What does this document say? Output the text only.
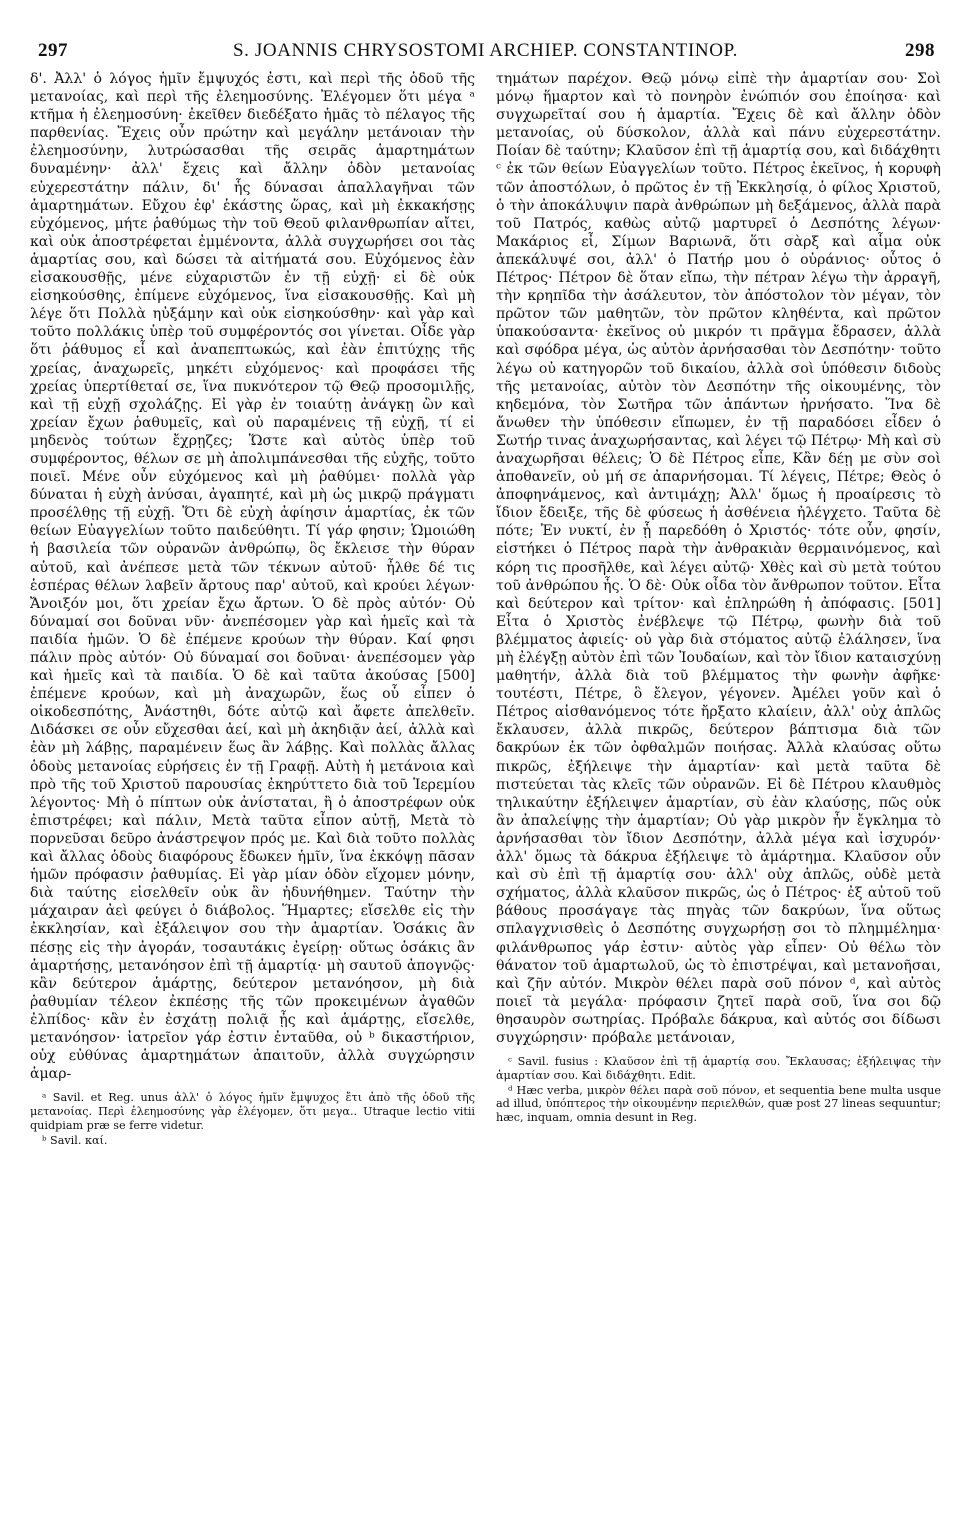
297	S. JOANNIS CHRYSOSTOMI ARCHIEP. CONSTANTINOP.	298

δ'. Ἀλλ' ὁ λόγος ἡμῖν ἔμψυχός ἐστι, καὶ περὶ τῆς ὁδοῦ τῆς μετανοίας, καὶ περὶ τῆς ἐλεημοσύνης. Ἐλέγομεν ὅτι μέγα ᵃ κτῆμα ἡ ἐλεημοσύνη· ἐκεῖθεν διεδέξατο ἡμᾶς τὸ πέλαγος τῆς παρθενίας. Ἔχεις οὖν πρώτην καὶ μεγάλην μετάνοιαν τὴν ἐλεημοσύνην, λυτρώσασθαι τῆς σειρᾶς ἁμαρτημάτων δυναμένην· ἀλλ' ἔχεις καὶ ἄλλην ὁδὸν μετανοίας εὐχερεστάτην πάλιν, δι' ἧς δύνασαι ἀπαλλαγῆναι τῶν ἁμαρτημάτων. Εὔχου ἐφ' ἑκάστης ὥρας, καὶ μὴ ἐκκακήσῃς εὐχόμενος, μήτε ῥαθύμως τὴν τοῦ Θεοῦ φιλανθρωπίαν αἴτει, καὶ οὐκ ἀποστρέφεται ἐμμένοντα, ἀλλὰ συγχωρήσει σοι τὰς ἁμαρτίας σου, καὶ δώσει τὰ αἰτήματά σου. Εὐχόμενος ἐὰν εἰσακουσθῇς, μένε εὐχαριστῶν ἐν τῇ εὐχῇ· εἰ δὲ οὐκ εἰσηκούσθης, ἐπίμενε εὐχόμενος, ἵνα εἰσακουσθῇς. Καὶ μὴ λέγε ὅτι Πολλὰ ηὐξάμην καὶ οὐκ εἰσηκούσθην· καὶ γὰρ καὶ τοῦτο πολλάκις ὑπὲρ τοῦ συμφέροντός σοι γίνεται. Οἶδε γὰρ ὅτι ῥάθυμος εἶ καὶ ἀναπεπτωκώς, καὶ ἐὰν ἐπιτύχῃς τῆς χρείας, ἀναχωρεῖς, μηκέτι εὐχόμενος· καὶ προφάσει τῆς χρείας ὑπερτίθεταί σε, ἵνα πυκνότερον τῷ Θεῷ προσομιλῇς, καὶ τῇ εὐχῇ σχολάζῃς. Εἰ γὰρ ἐν τοιαύτῃ ἀνάγκῃ ὢν καὶ χρείαν ἔχων ῥαθυμεῖς, καὶ οὐ παραμένεις τῇ εὐχῇ, τί εἰ μηδενὸς τούτων ἔχρῃζες; Ὥστε καὶ αὐτὸς ὑπὲρ τοῦ συμφέροντος, θέλων σε μὴ ἀπολιμπάνεσθαι τῆς εὐχῆς, τοῦτο ποιεῖ. Μένε οὖν εὐχόμενος καὶ μὴ ῥαθύμει· πολλὰ γὰρ δύναται ἡ εὐχὴ ἀνύσαι, ἀγαπητέ, καὶ μὴ ὡς μικρῷ πράγματι προσέλθῃς τῇ εὐχῇ. Ὅτι δὲ εὐχὴ ἀφίησιν ἁμαρτίας, ἐκ τῶν θείων Εὐαγγελίων τοῦτο παιδεύθητι. Τί γάρ φησιν; Ὡμοιώθη ἡ βασιλεία τῶν οὐρανῶν ἀνθρώπῳ, ὃς ἔκλεισε τὴν θύραν αὐτοῦ, καὶ ἀνέπεσε μετὰ τῶν τέκνων αὐτοῦ· ἦλθε δέ τις ἑσπέρας θέλων λαβεῖν ἄρτους παρ' αὐτοῦ, καὶ κρούει λέγων· Ἄνοιξόν μοι, ὅτι χρείαν ἔχω ἄρτων. Ὁ δὲ πρὸς αὐτόν· Οὐ δύναμαί σοι δοῦναι νῦν· ἀνεπέσομεν γὰρ καὶ ἡμεῖς καὶ τὰ παιδία ἡμῶν. Ὁ δὲ ἐπέμενε κρούων τὴν θύραν. Καί φησι πάλιν πρὸς αὐτόν· Οὐ δύναμαί σοι δοῦναι· ἀνεπέσομεν γὰρ καὶ ἡμεῖς καὶ τὰ παιδία. Ὁ δὲ καὶ ταῦτα ἀκούσας [500] ἐπέμενε κρούων, καὶ μὴ ἀναχωρῶν, ἕως οὗ εἶπεν ὁ οἰκοδεσπότης, Ἀνάστηθι, δότε αὐτῷ καὶ ἄφετε ἀπελθεῖν. Διδάσκει σε οὖν εὔχεσθαι ἀεί, καὶ μὴ ἀκηδιᾷν ἀεί, ἀλλὰ καὶ ἐὰν μὴ λάβῃς, παραμένειν ἕως ἂν λάβῃς. Καὶ πολλὰς ἄλλας ὁδοὺς μετανοίας εὑρήσεις ἐν τῇ Γραφῇ. Αὐτὴ ἡ μετάνοια καὶ πρὸ τῆς τοῦ Χριστοῦ παρουσίας ἐκηρύττετο διὰ τοῦ Ἱερεμίου λέγοντος· Μὴ ὁ πίπτων οὐκ ἀνίσταται, ἢ ὁ ἀποστρέφων οὐκ ἐπιστρέφει; καὶ πάλιν, Μετὰ ταῦτα εἶπον αὐτῇ, Μετὰ τὸ πορνεῦσαι δεῦρο ἀνάστρεψον πρός με. Καὶ διὰ τοῦτο πολλὰς καὶ ἄλλας ὁδοὺς διαφόρους ἔδωκεν ἡμῖν, ἵνα ἐκκόψῃ πᾶσαν ἡμῶν πρόφασιν ῥαθυμίας. Εἰ γὰρ μίαν ὁδὸν εἴχομεν μόνην, διὰ ταύτης εἰσελθεῖν οὐκ ἂν ἠδυνήθημεν. Ταύτην τὴν μάχαιραν ἀεὶ φεύγει ὁ διάβολος. Ἥμαρτες; εἴσελθε εἰς τὴν ἐκκλησίαν, καὶ ἐξάλειψον σου τὴν ἁμαρτίαν. Ὁσάκις ἂν πέσῃς εἰς τὴν ἀγοράν, τοσαυτάκις ἐγείρῃ· οὕτως ὁσάκις ἂν ἁμαρτήσῃς, μετανόησον ἐπὶ τῇ ἁμαρτίᾳ· μὴ σαυτοῦ ἀπογνῷς· κἂν δεύτερον ἁμάρτῃς, δεύτερον μετανόησον, μὴ διὰ ῥαθυμίαν τέλεον ἐκπέσῃς τῆς τῶν προκειμένων ἀγαθῶν ἐλπίδος· κἂν ἐν ἐσχάτῃ πολιᾷ ᾖς καὶ ἁμάρτῃς, εἴσελθε, μετανόησον· ἰατρεῖον γάρ ἐστιν ἐνταῦθα, οὐ ᵇ δικαστήριον, οὐχ εὐθύνας ἁμαρτημάτων ἀπαιτοῦν, ἀλλὰ συγχώρησιν ἁμαρ-

ᵃ Savil. et Reg. unus ἀλλ' ὁ λόγος ἡμῖν ἔμψυχος ἔτι ἀπὸ τῆς ὁδοῦ τῆς μετανοίας. Περὶ ἐλεημοσύνης γὰρ ἐλέγομεν, ὅτι μεγα.. Utraque lectio vitii quidpiam præ se ferre videtur.

ᵇ Savil. καί.

τημάτων παρέχον. Θεῷ μόνῳ εἰπὲ τὴν ἁμαρτίαν σου· Σοὶ μόνῳ ἥμαρτον καὶ τὸ πονηρὸν ἐνώπιόν σου ἐποίησα· καὶ συγχωρεῖταί σου ἡ ἁμαρτία. Ἔχεις δὲ καὶ ἄλλην ὁδὸν μετανοίας, οὐ δύσκολον, ἀλλὰ καὶ πάνυ εὐχερεστάτην. Ποίαν δὲ ταύτην; Κλαῦσον ἐπὶ τῇ ἁμαρτίᾳ σου, καὶ διδάχθητι ᶜ ἐκ τῶν θείων Εὐαγγελίων τοῦτο. Πέτρος ἐκεῖνος, ἡ κορυφὴ τῶν ἀποστόλων, ὁ πρῶτος ἐν τῇ Ἐκκλησίᾳ, ὁ φίλος Χριστοῦ, ὁ τὴν ἀποκάλυψιν παρὰ ἀνθρώπων μὴ δεξάμενος, ἀλλὰ παρὰ τοῦ Πατρός, καθὼς αὐτῷ μαρτυρεῖ ὁ Δεσπότης λέγων· Μακάριος εἶ, Σίμων Βαριωνᾶ, ὅτι σὰρξ καὶ αἷμα οὐκ ἀπεκάλυψέ σοι, ἀλλ' ὁ Πατήρ μου ὁ οὐράνιος· οὗτος ὁ Πέτρος· Πέτρον δὲ ὅταν εἴπω, τὴν πέτραν λέγω τὴν ἀρραγῆ, τὴν κρηπῖδα τὴν ἀσάλευτον, τὸν ἀπόστολον τὸν μέγαν, τὸν πρῶτον τῶν μαθητῶν, τὸν πρῶτον κληθέντα, καὶ πρῶτον ὑπακούσαντα· ἐκεῖνος οὐ μικρόν τι πρᾶγμα ἔδρασεν, ἀλλὰ καὶ σφόδρα μέγα, ὡς αὐτὸν ἀρνήσασθαι τὸν Δεσπότην· τοῦτο λέγω οὐ κατηγορῶν τοῦ δικαίου, ἀλλὰ σοὶ ὑπόθεσιν διδοὺς τῆς μετανοίας, αὐτὸν τὸν Δεσπότην τῆς οἰκουμένης, τὸν κηδεμόνα, τὸν Σωτῆρα τῶν ἁπάντων ἠρνήσατο. Ἵνα δὲ ἄνωθεν τὴν ὑπόθεσιν εἴπωμεν, ἐν τῇ παραδόσει εἶδεν ὁ Σωτήρ τινας ἀναχωρήσαντας, καὶ λέγει τῷ Πέτρῳ· Μὴ καὶ σὺ ἀναχωρῆσαι θέλεις; Ὁ δὲ Πέτρος εἶπε, Κἂν δέῃ με σὺν σοὶ ἀποθανεῖν, οὐ μή σε ἀπαρνήσομαι. Τί λέγεις, Πέτρε; Θεὸς ὁ ἀποφηνάμενος, καὶ ἀντιμάχῃ; Ἀλλ' ὅμως ἡ προαίρεσις τὸ ἴδιον ἔδειξε, τῆς δὲ φύσεως ἡ ἀσθένεια ἠλέγχετο. Ταῦτα δὲ πότε; Ἐν νυκτί, ἐν ᾗ παρεδόθη ὁ Χριστός· τότε οὖν, φησίν, εἱστήκει ὁ Πέτρος παρὰ τὴν ἀνθρακιὰν θερμαινόμενος, καὶ κόρη τις προσῆλθε, καὶ λέγει αὐτῷ· Χθὲς καὶ σὺ μετὰ τούτου τοῦ ἀνθρώπου ἦς. Ὁ δὲ· Οὐκ οἶδα τὸν ἄνθρωπον τοῦτον. Εἶτα καὶ δεύτερον καὶ τρίτον· καὶ ἐπληρώθη ἡ ἀπόφασις. [501] Εἶτα ὁ Χριστὸς ἐνέβλεψε τῷ Πέτρῳ, φωνὴν διὰ τοῦ βλέμματος ἀφιείς· οὐ γὰρ διὰ στόματος αὐτῷ ἐλάλησεν, ἵνα μὴ ἐλέγξῃ αὐτὸν ἐπὶ τῶν Ἰουδαίων, καὶ τὸν ἴδιον καταισχύνῃ μαθητήν, ἀλλὰ διὰ τοῦ βλέμματος τὴν φωνὴν ἀφῆκε· τουτέστι, Πέτρε, ὃ ἔλεγον, γέγονεν. Ἀμέλει γοῦν καὶ ὁ Πέτρος αἰσθανόμενος τότε ἤρξατο κλαίειν, ἀλλ' οὐχ ἁπλῶς ἔκλαυσεν, ἀλλὰ πικρῶς, δεύτερον βάπτισμα διὰ τῶν δακρύων ἐκ τῶν ὀφθαλμῶν ποιήσας. Ἀλλὰ κλαύσας οὕτω πικρῶς, ἐξήλειψε τὴν ἁμαρτίαν· καὶ μετὰ ταῦτα δὲ πιστεύεται τὰς κλεῖς τῶν οὐρανῶν. Εἰ δὲ Πέτρου κλαυθμὸς τηλικαύτην ἐξήλειψεν ἁμαρτίαν, σὺ ἐὰν κλαύσῃς, πῶς οὐκ ἂν ἀπαλείψῃς τὴν ἁμαρτίαν; Οὐ γὰρ μικρὸν ἦν ἔγκλημα τὸ ἀρνήσασθαι τὸν ἴδιον Δεσπότην, ἀλλὰ μέγα καὶ ἰσχυρόν· ἀλλ' ὅμως τὰ δάκρυα ἐξήλειψε τὸ ἁμάρτημα. Κλαῦσον οὖν καὶ σὺ ἐπὶ τῇ ἁμαρτίᾳ σου· ἀλλ' οὐχ ἁπλῶς, οὐδὲ μετὰ σχήματος, ἀλλὰ κλαῦσον πικρῶς, ὡς ὁ Πέτρος· ἐξ αὐτοῦ τοῦ βάθους προσάγαγε τὰς πηγὰς τῶν δακρύων, ἵνα οὕτως σπλαγχνισθεὶς ὁ Δεσπότης συγχωρήσῃ σοι τὸ πλημμέλημα· φιλάνθρωπος γάρ ἐστιν· αὐτὸς γὰρ εἶπεν· Οὐ θέλω τὸν θάνατον τοῦ ἁμαρτωλοῦ, ὡς τὸ ἐπιστρέψαι, καὶ μετανοῆσαι, καὶ ζῆν αὐτόν. Μικρὸν θέλει παρὰ σοῦ πόνον ᵈ, καὶ αὐτὸς ποιεῖ τὰ μεγάλα· πρόφασιν ζητεῖ παρὰ σοῦ, ἵνα σοι δῷ θησαυρὸν σωτηρίας. Πρόβαλε δάκρυα, καὶ αὐτός σοι δίδωσι συγχώρησιν· πρόβαλε μετάνοιαν,

ᶜ Savil. fusius : Κλαῦσον ἐπὶ τῇ ἁμαρτίᾳ σου. Ἔκλαυσας; ἐξήλειψας τὴν ἁμαρτίαν σου. Καὶ διδάχθητι. Edit.

ᵈ Hæc verba, μικρὸν θέλει παρὰ σοῦ πόνον, et sequentia bene multa usque ad illud, ὑπόπτερος τὴν οἰκουμένην περιελθών, quæ post 27 lineas sequuntur; hæc, inquam, omnia desunt in Reg.
